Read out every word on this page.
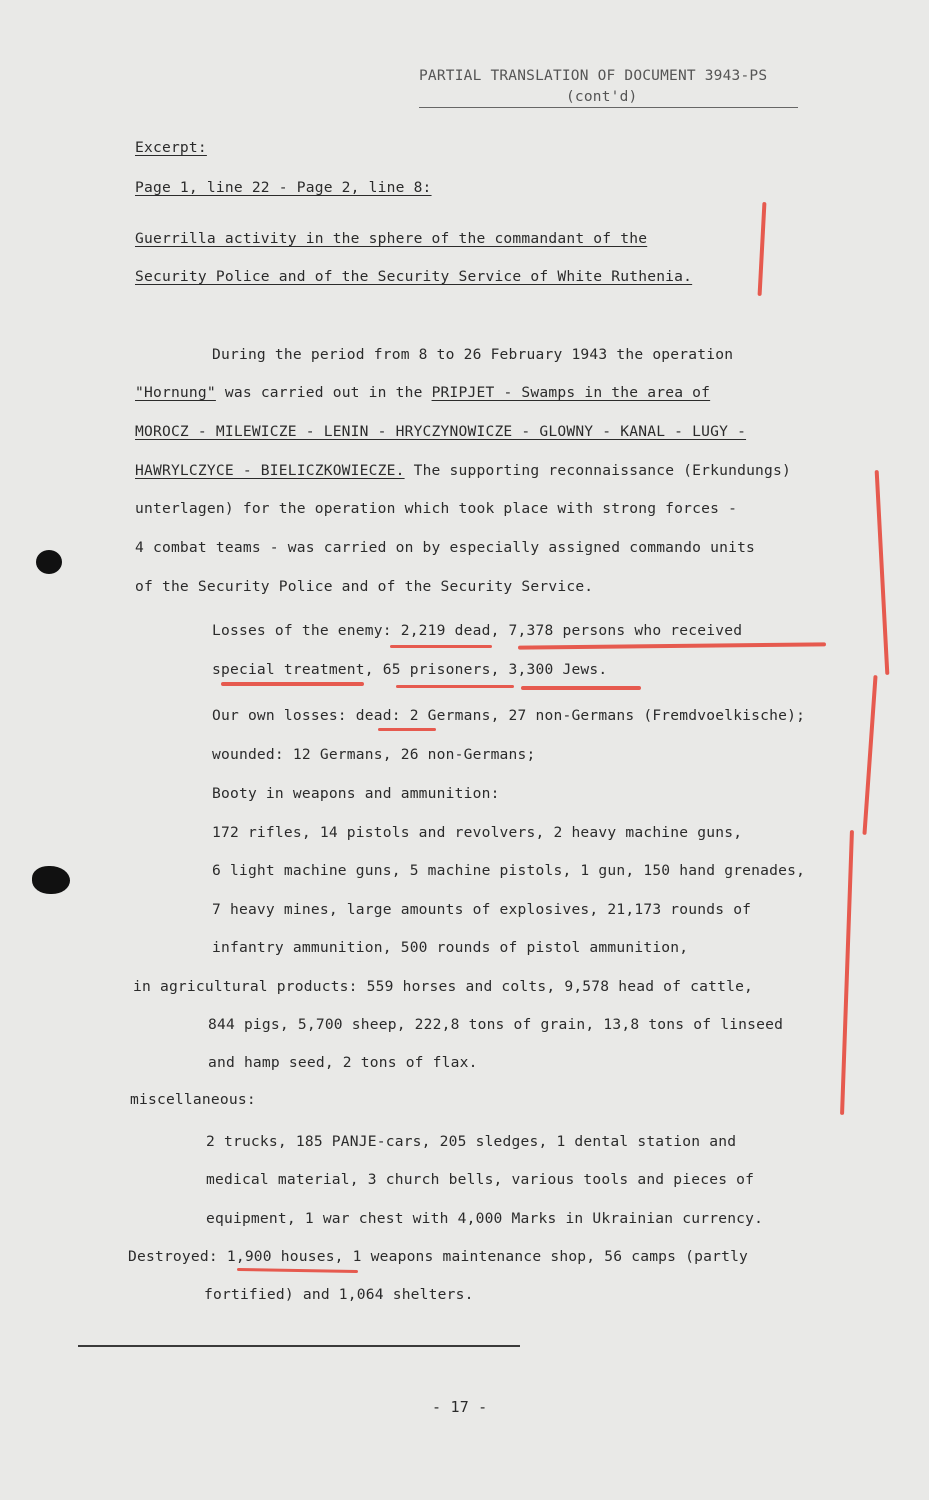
PARTIAL TRANSLATION OF DOCUMENT 3943-PS
(cont'd)
Excerpt:
Page 1, line 22 - Page 2, line 8:
Guerrilla activity in the sphere of the commandant of the
Security Police and of the Security Service of White Ruthenia.
During the period from 8 to 26 February 1943 the operation
"Hornung" was carried out in the PRIPJET - Swamps in the area of
MOROCZ - MILEWICZE - LENIN - HRYCZYNOWICZE - GLOWNY - KANAL - LUGY -
HAWRYLCZYCE - BIELICZKOWIECZE. The supporting reconnaissance (Erkundungs)
unterlagen) for the operation which took place with strong forces -
4 combat teams - was carried on by especially assigned commando units
of the Security Police and of the Security Service.
Losses of the enemy: 2,219 dead, 7,378 persons who received
special treatment, 65 prisoners, 3,300 Jews.
Our own losses: dead: 2 Germans, 27 non-Germans (Fremdvoelkische);
wounded: 12 Germans, 26 non-Germans;
Booty in weapons and ammunition:
172 rifles, 14 pistols and revolvers, 2 heavy machine guns,
6 light machine guns, 5 machine pistols, 1 gun, 150 hand grenades,
7 heavy mines, large amounts of explosives, 21,173 rounds of
infantry ammunition, 500 rounds of pistol ammunition,
in agricultural products: 559 horses and colts, 9,578 head of cattle,
844 pigs, 5,700 sheep, 222,8 tons of grain, 13,8 tons of linseed
and hamp seed, 2 tons of flax.
miscellaneous:
2 trucks, 185 PANJE-cars, 205 sledges, 1 dental station and
medical material, 3 church bells, various tools and pieces of
equipment, 1 war chest with 4,000 Marks in Ukrainian currency.
Destroyed: 1,900 houses, 1 weapons maintenance shop, 56 camps (partly
fortified) and 1,064 shelters.
- 17 -
